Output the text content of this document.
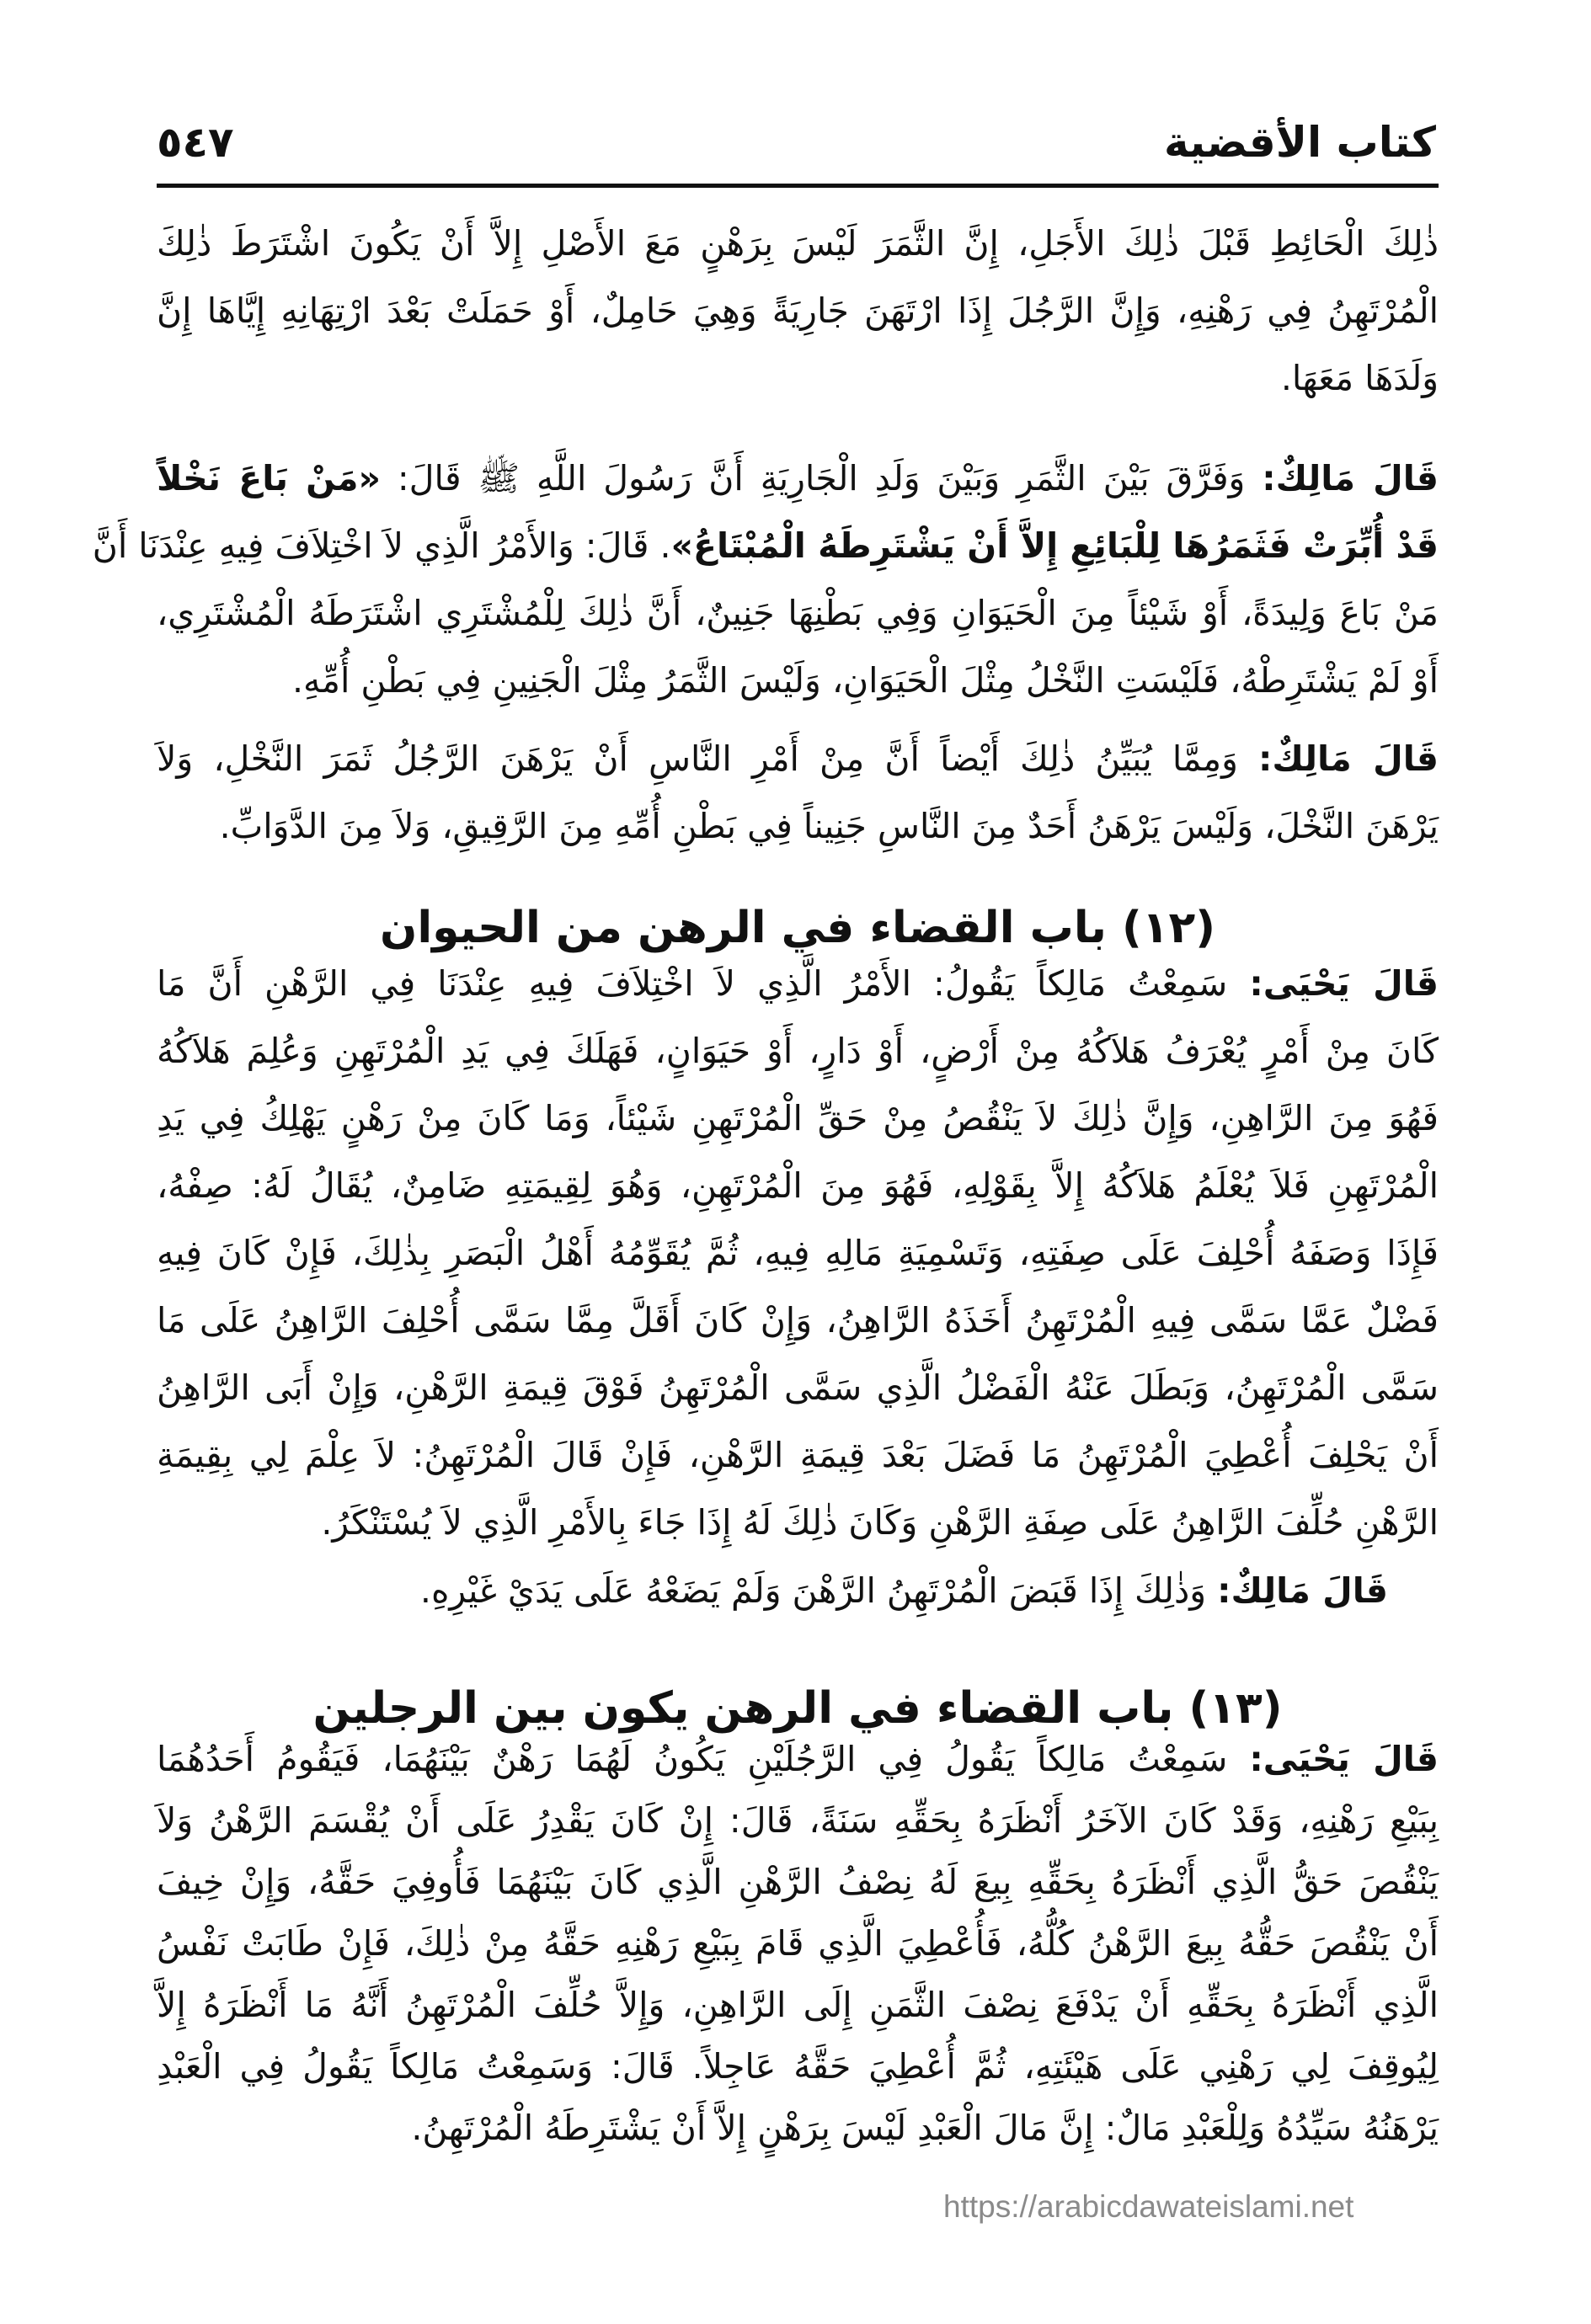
كتاب الأقضية
٥٤٧
ذٰلِكَ الْحَائِطِ قَبْلَ ذٰلِكَ الأَجَلِ، إِنَّ الثَّمَرَ لَيْسَ بِرَهْنٍ مَعَ الأَصْلِ إِلاَّ أَنْ يَكُونَ اشْتَرَطَ ذٰلِكَ
الْمُرْتَهِنُ فِي رَهْنِهِ، وَإِنَّ الرَّجُلَ إِذَا ارْتَهَنَ جَارِيَةً وَهِيَ حَامِلٌ، أَوْ حَمَلَتْ بَعْدَ ارْتِهَانِهِ إِيَّاهَا إِنَّ
وَلَدَهَا مَعَهَا.
قَالَ مَالِكٌ: وَفَرَّقَ بَيْنَ الثَّمَرِ وَبَيْنَ وَلَدِ الْجَارِيَةِ أَنَّ رَسُولَ اللَّهِ ﷺ قَالَ: «مَنْ بَاعَ نَخْلاً
قَدْ أُبِّرَتْ فَثَمَرُهَا لِلْبَائِعِ إِلاَّ أَنْ يَشْتَرِطَهُ الْمُبْتَاعُ». قَالَ: وَالأَمْرُ الَّذِي لاَ اخْتِلاَفَ فِيهِ عِنْدَنَا أَنَّ
مَنْ بَاعَ وَلِيدَةً، أَوْ شَيْئاً مِنَ الْحَيَوَانِ وَفِي بَطْنِهَا جَنِينٌ، أَنَّ ذٰلِكَ لِلْمُشْتَرِي اشْتَرَطَهُ الْمُشْتَرِي،
أَوْ لَمْ يَشْتَرِطْهُ، فَلَيْسَتِ النَّخْلُ مِثْلَ الْحَيَوَانِ، وَلَيْسَ الثَّمَرُ مِثْلَ الْجَنِينِ فِي بَطْنِ أُمِّهِ.
قَالَ مَالِكٌ: وَمِمَّا يُبَيِّنُ ذٰلِكَ أَيْضاً أَنَّ مِنْ أَمْرِ النَّاسِ أَنْ يَرْهَنَ الرَّجُلُ ثَمَرَ النَّخْلِ، وَلاَ
يَرْهَنَ النَّخْلَ، وَلَيْسَ يَرْهَنُ أَحَدٌ مِنَ النَّاسِ جَنِيناً فِي بَطْنِ أُمِّهِ مِنَ الرَّقِيقِ، وَلاَ مِنَ الدَّوَابِّ.
(١٢) باب القضاء في الرهن من الحيوان
قَالَ يَحْيَى: سَمِعْتُ مَالِكاً يَقُولُ: الأَمْرُ الَّذِي لاَ اخْتِلاَفَ فِيهِ عِنْدَنَا فِي الرَّهْنِ أَنَّ مَا
كَانَ مِنْ أَمْرٍ يُعْرَفُ هَلاَكُهُ مِنْ أَرْضٍ، أَوْ دَارٍ، أَوْ حَيَوَانٍ، فَهَلَكَ فِي يَدِ الْمُرْتَهِنِ وَعُلِمَ هَلاَكُهُ
فَهُوَ مِنَ الرَّاهِنِ، وَإِنَّ ذٰلِكَ لاَ يَنْقُصُ مِنْ حَقِّ الْمُرْتَهِنِ شَيْئاً، وَمَا كَانَ مِنْ رَهْنٍ يَهْلِكُ فِي يَدِ
الْمُرْتَهِنِ فَلاَ يُعْلَمُ هَلاَكُهُ إِلاَّ بِقَوْلِهِ، فَهُوَ مِنَ الْمُرْتَهِنِ، وَهُوَ لِقِيمَتِهِ ضَامِنٌ، يُقَالُ لَهُ: صِفْهُ،
فَإِذَا وَصَفَهُ أُحْلِفَ عَلَى صِفَتِهِ، وَتَسْمِيَةِ مَالِهِ فِيهِ، ثُمَّ يُقَوِّمُهُ أَهْلُ الْبَصَرِ بِذٰلِكَ، فَإِنْ كَانَ فِيهِ
فَضْلٌ عَمَّا سَمَّى فِيهِ الْمُرْتَهِنُ أَخَذَهُ الرَّاهِنُ، وَإِنْ كَانَ أَقَلَّ مِمَّا سَمَّى أُحْلِفَ الرَّاهِنُ عَلَى مَا
سَمَّى الْمُرْتَهِنُ، وَبَطَلَ عَنْهُ الْفَضْلُ الَّذِي سَمَّى الْمُرْتَهِنُ فَوْقَ قِيمَةِ الرَّهْنِ، وَإِنْ أَبَى الرَّاهِنُ
أَنْ يَحْلِفَ أُعْطِيَ الْمُرْتَهِنُ مَا فَضَلَ بَعْدَ قِيمَةِ الرَّهْنِ، فَإِنْ قَالَ الْمُرْتَهِنُ: لاَ عِلْمَ لِي بِقِيمَةِ
الرَّهْنِ حُلِّفَ الرَّاهِنُ عَلَى صِفَةِ الرَّهْنِ وَكَانَ ذٰلِكَ لَهُ إِذَا جَاءَ بِالأَمْرِ الَّذِي لاَ يُسْتَنْكَرُ.
قَالَ مَالِكٌ: وَذٰلِكَ إِذَا قَبَضَ الْمُرْتَهِنُ الرَّهْنَ وَلَمْ يَضَعْهُ عَلَى يَدَيْ غَيْرِهِ.
(١٣) باب القضاء في الرهن يكون بين الرجلين
قَالَ يَحْيَى: سَمِعْتُ مَالِكاً يَقُولُ فِي الرَّجُلَيْنِ يَكُونُ لَهُمَا رَهْنٌ بَيْنَهُمَا، فَيَقُومُ أَحَدُهُمَا
بِبَيْعِ رَهْنِهِ، وَقَدْ كَانَ الآخَرُ أَنْظَرَهُ بِحَقِّهِ سَنَةً، قَالَ: إِنْ كَانَ يَقْدِرُ عَلَى أَنْ يُقْسَمَ الرَّهْنُ وَلاَ
يَنْقُصَ حَقُّ الَّذِي أَنْظَرَهُ بِحَقِّهِ بِيعَ لَهُ نِصْفُ الرَّهْنِ الَّذِي كَانَ بَيْنَهُمَا فَأُوفِيَ حَقَّهُ، وَإِنْ خِيفَ
أَنْ يَنْقُصَ حَقُّهُ بِيعَ الرَّهْنُ كُلُّهُ، فَأُعْطِيَ الَّذِي قَامَ بِبَيْعِ رَهْنِهِ حَقَّهُ مِنْ ذٰلِكَ، فَإِنْ طَابَتْ نَفْسُ
الَّذِي أَنْظَرَهُ بِحَقِّهِ أَنْ يَدْفَعَ نِصْفَ الثَّمَنِ إِلَى الرَّاهِنِ، وَإِلاَّ حُلِّفَ الْمُرْتَهِنُ أَنَّهُ مَا أَنْظَرَهُ إِلاَّ
لِيُوقِفَ لِي رَهْنِي عَلَى هَيْئَتِهِ، ثُمَّ أُعْطِيَ حَقَّهُ عَاجِلاً. قَالَ: وَسَمِعْتُ مَالِكاً يَقُولُ فِي الْعَبْدِ
يَرْهَنُهُ سَيِّدُهُ وَلِلْعَبْدِ مَالٌ: إِنَّ مَالَ الْعَبْدِ لَيْسَ بِرَهْنٍ إِلاَّ أَنْ يَشْتَرِطَهُ الْمُرْتَهِنُ.
https://arabicdawateislami.net
